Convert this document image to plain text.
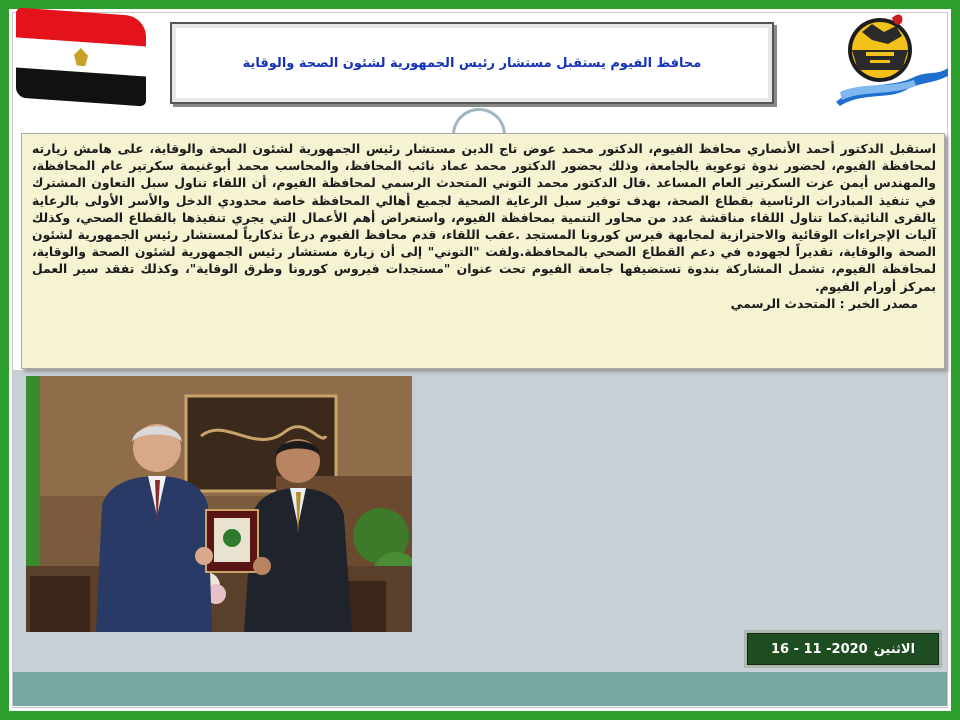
محافظ الفيوم يستقبل مستشار رئيس الجمهورية لشئون الصحة والوقاية

استقبل الدكتور أحمد الأنصاري محافظ الفيوم، الدكتور محمد عوض تاج الدين مستشار رئيس الجمهورية لشئون الصحة والوقاية، على هامش زيارته لمحافظة الفيوم، لحضور ندوة توعوية بالجامعة، وذلك بحضور الدكتور محمد عماد نائب المحافظ، والمحاسب محمد أبوغنيمة سكرتير عام المحافظة، والمهندس أيمن عزت السكرتير العام المساعد .قال الدكتور محمد التوني المتحدث الرسمي لمحافظة الفيوم، أن اللقاء تناول سبل التعاون المشترك في تنفيذ المبادرات الرئاسية بقطاع الصحة، بهدف توفير سبل الرعاية الصحية لجميع أهالي المحافظة خاصة محدودي الدخل والأسر الأولى بالرعاية بالقرى النائية.كما تناول اللقاء مناقشة عدد من محاور التنمية بمحافظة الفيوم، واستعراض أهم الأعمال التي يجري تنفيذها بالقطاع الصحي، وكذلك آليات الإجراءات الوقائية والاحترازية لمجابهة فيرس كورونا المستجد .عقب اللقاء، قدم محافظ الفيوم درعاً تذكارياً لمستشار رئيس الجمهورية لشئون الصحة والوقاية، تقديراً لجهوده في دعم القطاع الصحي بالمحافظة.ولفت "التوني" إلى أن زيارة مستشار رئيس الجمهورية لشئون الصحة والوقاية، لمحافظة الفيوم، تشمل المشاركة بندوة تستضيفها جامعة الفيوم تحت عنوان "مستجدات فيروس كورونا وطرق الوقاية"، وكذلك تفقد سير العمل بمركز أورام الفيوم.

مصدر الخبر : المتحدث الرسمي

الاثنين
16 - 11 -2020
